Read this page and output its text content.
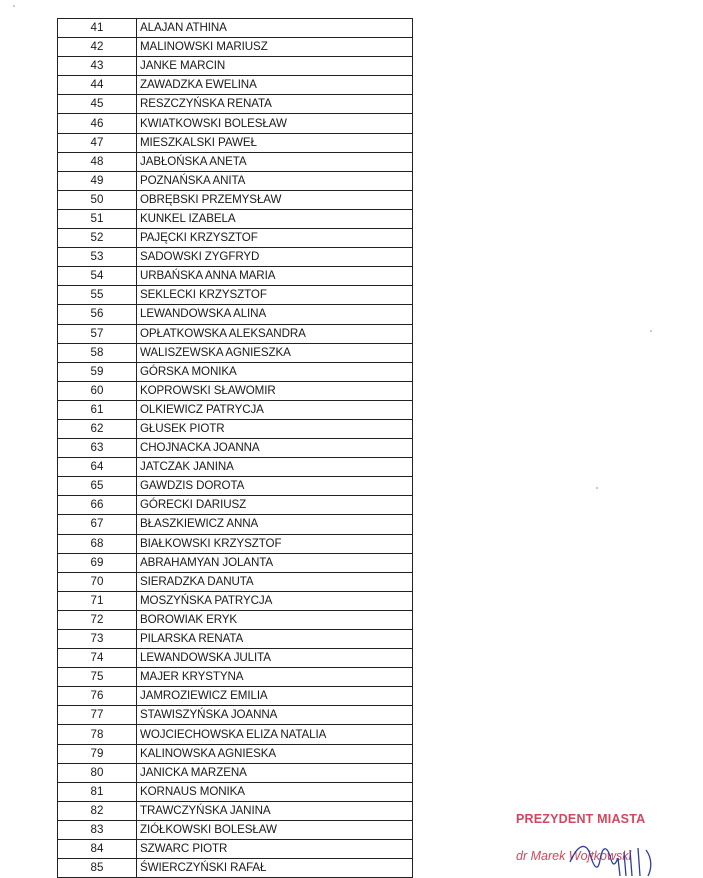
41	ALAJAN ATHINA
42	MALINOWSKI MARIUSZ
43	JANKE MARCIN
44	ZAWADZKA EWELINA
45	RESZCZYŃSKA RENATA
46	KWIATKOWSKI BOLESŁAW
47	MIESZKALSKI PAWEŁ
48	JABŁOŃSKA ANETA
49	POZNAŃSKA ANITA
50	OBRĘBSKI PRZEMYSŁAW
51	KUNKEL IZABELA
52	PAJĘCKI KRZYSZTOF
53	SADOWSKI ZYGFRYD
54	URBAŃSKA ANNA MARIA
55	SEKLECKI KRZYSZTOF
56	LEWANDOWSKA ALINA
57	OPŁATKOWSKA ALEKSANDRA
58	WALISZEWSKA AGNIESZKA
59	GÓRSKA MONIKA
60	KOPROWSKI SŁAWOMIR
61	OLKIEWICZ PATRYCJA
62	GŁUSEK PIOTR
63	CHOJNACKA JOANNA
64	JATCZAK JANINA
65	GAWDZIS DOROTA
66	GÓRECKI DARIUSZ
67	BŁASZKIEWICZ ANNA
68	BIAŁKOWSKI KRZYSZTOF
69	ABRAHAMYAN JOLANTA
70	SIERADZKA DANUTA
71	MOSZYŃSKA PATRYCJA
72	BOROWIAK ERYK
73	PILARSKA RENATA
74	LEWANDOWSKA JULITA
75	MAJER KRYSTYNA
76	JAMROZIEWICZ EMILIA
77	STAWISZYŃSKA JOANNA
78	WOJCIECHOWSKA ELIZA NATALIA
79	KALINOWSKA AGNIESKA
80	JANICKA MARZENA
81	KORNAUS MONIKA
82	TRAWCZYŃSKA JANINA
83	ZIÓŁKOWSKI BOLESŁAW
84	SZWARC PIOTR
85	ŚWIERCZYŃSKI RAFAŁ
PREZYDENT MIASTA
dr Marek Wojtkowski
